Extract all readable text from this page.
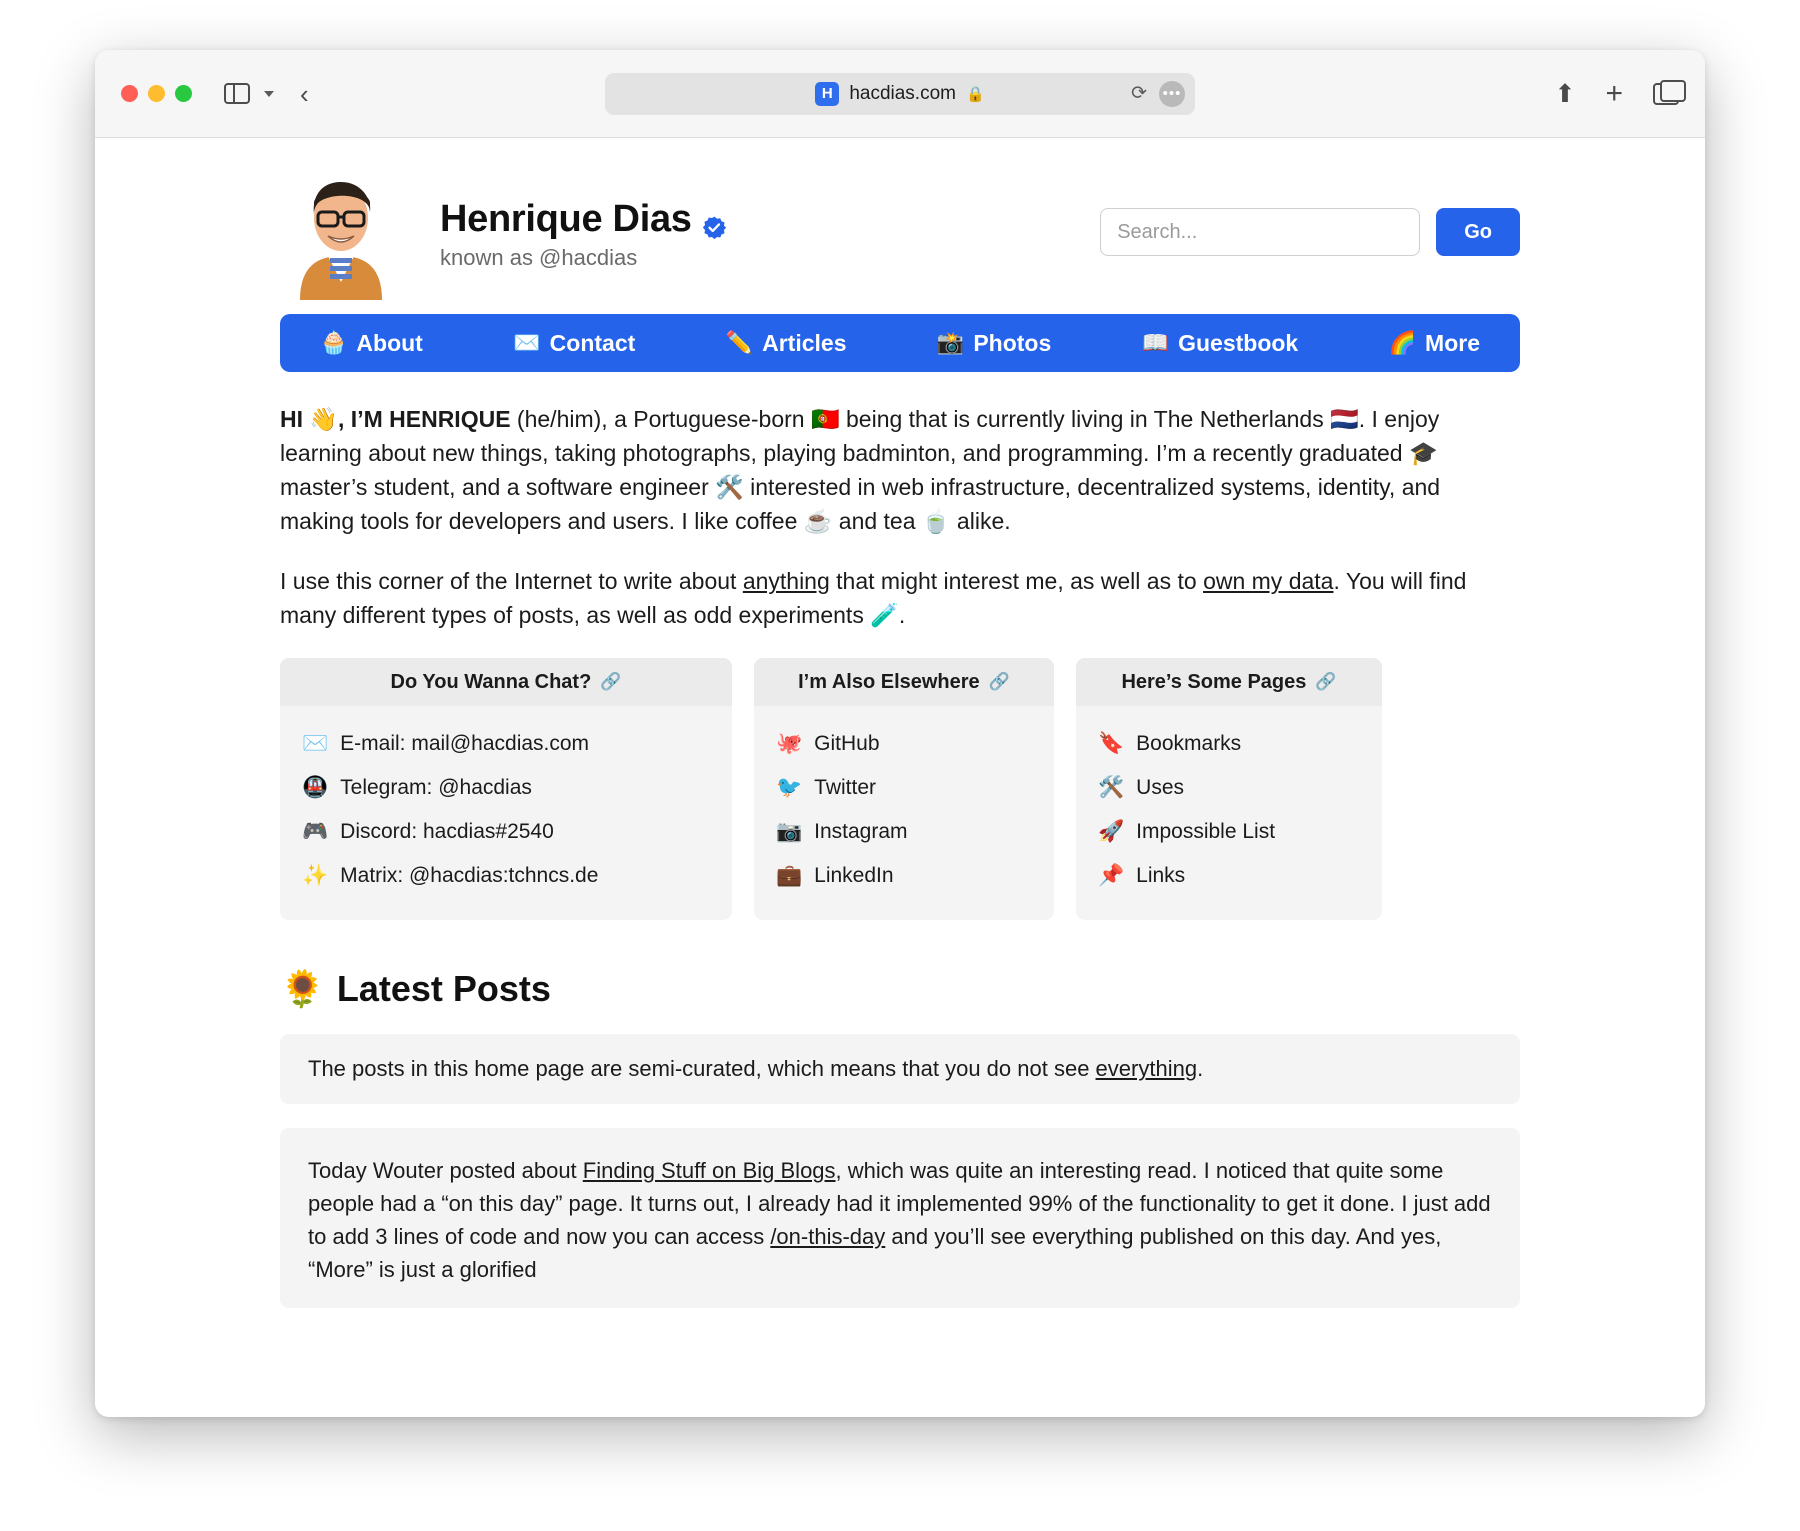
‹	H hacdias.com 🔒	⟳ •••	⬆ +
Henrique Dias
known as @hacdias
Search...
Go
🧁 About	✉️ Contact	✏️ Articles	📸 Photos	📖 Guestbook	🌈 More

HI 👋, I’M HENRIQUE (he/him), a Portuguese-born 🇵🇹 being that is currently living in The Netherlands 🇳🇱. I enjoy learning about new things, taking photographs, playing badminton, and programming. I’m a recently graduated 🎓 master’s student, and a software engineer 🛠️ interested in web infrastructure, decentralized systems, identity, and making tools for developers and users. I like coffee ☕ and tea 🍵 alike.

I use this corner of the Internet to write about anything that might interest me, as well as to own my data. You will find many different types of posts, as well as odd experiments 🧪.

Do You Wanna Chat? 🔗
✉️ E-mail: mail@hacdias.com
🚇 Telegram: @hacdias
🎮 Discord: hacdias#2540
✨ Matrix: @hacdias:tchncs.de
I’m Also Elsewhere 🔗
🐙 GitHub
🐦 Twitter
📷 Instagram
💼 LinkedIn
Here’s Some Pages 🔗
🔖 Bookmarks
🛠️ Uses
🚀 Impossible List
📌 Links
🌻 Latest Posts
The posts in this home page are semi-curated, which means that you do not see everything.
Today Wouter posted about Finding Stuff on Big Blogs, which was quite an interesting read. I noticed that quite some people had a “on this day” page. It turns out, I already had it implemented 99% of the functionality to get it done. I just add to add 3 lines of code and now you can access /on-this-day and you’ll see everything published on this day. And yes, “More” is just a glorified
